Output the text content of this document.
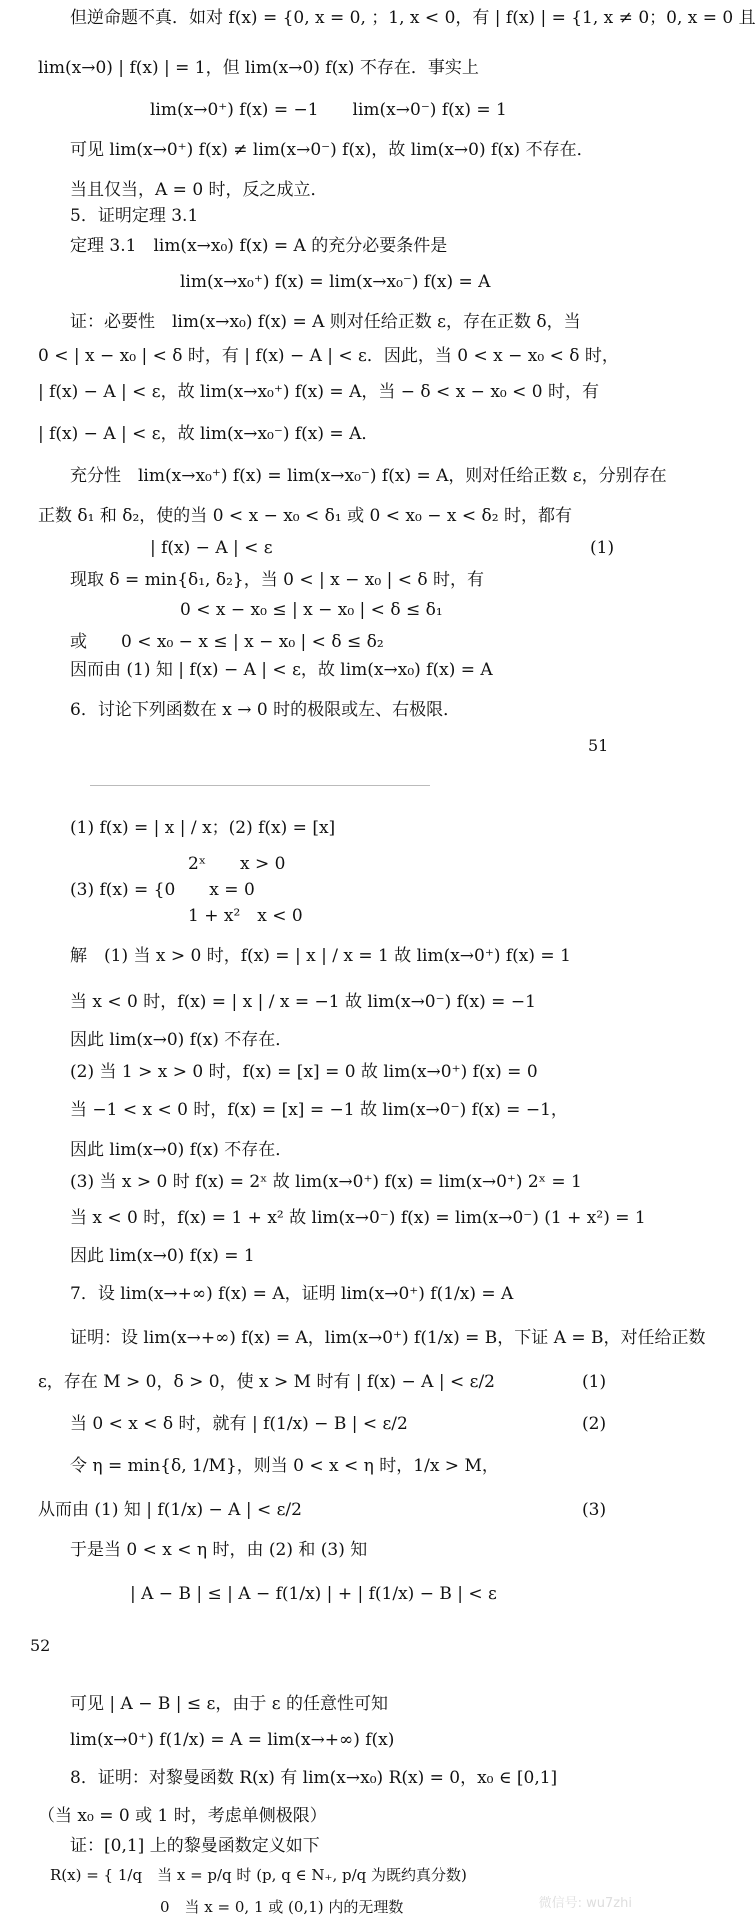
但逆命题不真．如对 f(x) = {0, x = 0, ；1, x < 0，有 | f(x) | = {1, x ≠ 0；0, x = 0 且
lim(x→0) | f(x) | = 1，但 lim(x→0) f(x) 不存在．事实上
lim(x→0⁺) f(x) = −1　　lim(x→0⁻) f(x) = 1
可见 lim(x→0⁺) f(x) ≠ lim(x→0⁻) f(x)，故 lim(x→0) f(x) 不存在．
当且仅当，A = 0 时，反之成立．
5．证明定理 3.1
定理 3.1　lim(x→x₀) f(x) = A 的充分必要条件是
lim(x→x₀⁺) f(x) = lim(x→x₀⁻) f(x) = A
证：必要性　lim(x→x₀) f(x) = A 则对任给正数 ε，存在正数 δ，当
0 < | x − x₀ | < δ 时，有 | f(x) − A | < ε．因此，当 0 < x − x₀ < δ 时，
| f(x) − A | < ε，故 lim(x→x₀⁺) f(x) = A，当 − δ < x − x₀ < 0 时，有
| f(x) − A | < ε，故 lim(x→x₀⁻) f(x) = A．
充分性　lim(x→x₀⁺) f(x) = lim(x→x₀⁻) f(x) = A，则对任给正数 ε，分别存在
正数 δ₁ 和 δ₂，使的当 0 < x − x₀ < δ₁ 或 0 < x₀ − x < δ₂ 时，都有
| f(x) − A | < ε	(1)
现取 δ = min{δ₁, δ₂}，当 0 < | x − x₀ | < δ 时，有
0 < x − x₀ ≤ | x − x₀ | < δ ≤ δ₁
或　　0 < x₀ − x ≤ | x − x₀ | < δ ≤ δ₂
因而由 (1) 知 | f(x) − A | < ε，故 lim(x→x₀) f(x) = A
6．讨论下列函数在 x → 0 时的极限或左、右极限．
51
(1) f(x) = | x | / x；(2) f(x) = [x]
2ˣ　　x > 0
(3) f(x) = {0　　x = 0
1 + x²　x < 0
解　(1) 当 x > 0 时，f(x) = | x | / x = 1 故 lim(x→0⁺) f(x) = 1
当 x < 0 时，f(x) = | x | / x = −1 故 lim(x→0⁻) f(x) = −1
因此 lim(x→0) f(x) 不存在．
(2) 当 1 > x > 0 时，f(x) = [x] = 0 故 lim(x→0⁺) f(x) = 0
当 −1 < x < 0 时，f(x) = [x] = −1 故 lim(x→0⁻) f(x) = −1，
因此 lim(x→0) f(x) 不存在．
(3) 当 x > 0 时 f(x) = 2ˣ 故 lim(x→0⁺) f(x) = lim(x→0⁺) 2ˣ = 1
当 x < 0 时，f(x) = 1 + x² 故 lim(x→0⁻) f(x) = lim(x→0⁻) (1 + x²) = 1
因此 lim(x→0) f(x) = 1
7．设 lim(x→+∞) f(x) = A，证明 lim(x→0⁺) f(1/x) = A
证明：设 lim(x→+∞) f(x) = A，lim(x→0⁺) f(1/x) = B，下证 A = B，对任给正数
ε，存在 M > 0，δ > 0，使 x > M 时有 | f(x) − A | < ε/2	(1)
当 0 < x < δ 时，就有 | f(1/x) − B | < ε/2	(2)
令 η = min{δ, 1/M}，则当 0 < x < η 时，1/x > M，
从而由 (1) 知 | f(1/x) − A | < ε/2	(3)
于是当 0 < x < η 时，由 (2) 和 (3) 知
| A − B | ≤ | A − f(1/x) | + | f(1/x) − B | < ε
52
可见 | A − B | ≤ ε，由于 ε 的任意性可知
lim(x→0⁺) f(1/x) = A = lim(x→+∞) f(x)
8．证明：对黎曼函数 R(x) 有 lim(x→x₀) R(x) = 0，x₀ ∈ [0,1]
（当 x₀ = 0 或 1 时，考虑单侧极限）
证：[0,1] 上的黎曼函数定义如下
R(x) = { 1/q　当 x = p/q 时 (p, q ∈ N₊, p/q 为既约真分数)
0　当 x = 0, 1 或 (0,1) 内的无理数	微信号: wu7zhi
